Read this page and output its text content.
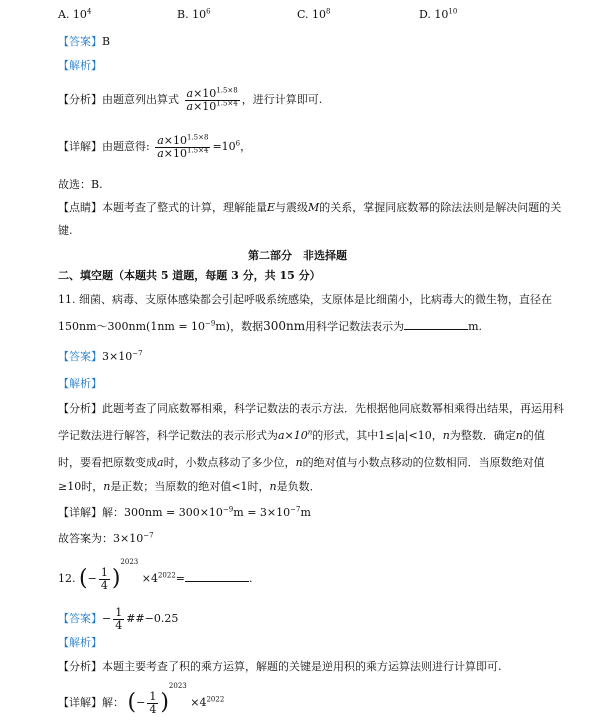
A. $10^4$	B. $10^6$	C. $10^8$	D. $10^{10}$
【答案】B
【解析】
【分析】由题意列出算式 $\frac{a\times 10^{1.5\times 8}}{a\times 10^{1.5\times 4}}$ ，进行计算即可.
【详解】由题意得: $\frac{a\times 10^{1.5\times 8}}{a\times 10^{1.5\times 4}} =10^6$，
故选：B.
【点睛】本题考查了整式的计算，理解能量E与震级M的关系，掌握同底数幂的除法法则是解决问题的关
键.
第二部分　非选择题
二、填空题（本题共 5 道题，每题 3 分，共 15 分）
11. 细菌、病毒、支原体感染都会引起呼吸系统感染，支原体是比细菌小，比病毒大的微生物，直径在
150nm～300nm(1nm = $10^{-9}m$)，数据300nm用科学记数法表示为	m.
【答案】$3\times 10^{-7}$
【解析】
【分析】此题考查了同底数幂相乘，科学记数法的表示方法．先根据他同底数幂相乘得出结果，再运用科
学记数法进行解答，科学记数法的表示形式为$a\times 10^n$的形式，其中1≤|a|<10，n为整数．确定n的值
时，要看把原数变成a时，小数点移动了多少位，n的绝对值与小数点移动的位数相同．当原数绝对值
≥10时，n是正数；当原数的绝对值<1时，n是负数．
【详解】解：$300nm = 300\times 10^{-9}m = 3\times 10^{-7}m$
故答案为：$3\times 10^{-7}$
12. (− $\frac{1}{4} )^{2023} \times 4^{2022}=$	.
【答案】− $\frac{1}{4}$ ##−0.25
【解析】
【分析】本题主要考查了积的乘方运算，解题的关键是逆用积的乘方运算法则进行计算即可.
【详解】解： (− $\frac{1}{4} )^{2023} \times 4^{2022}$
